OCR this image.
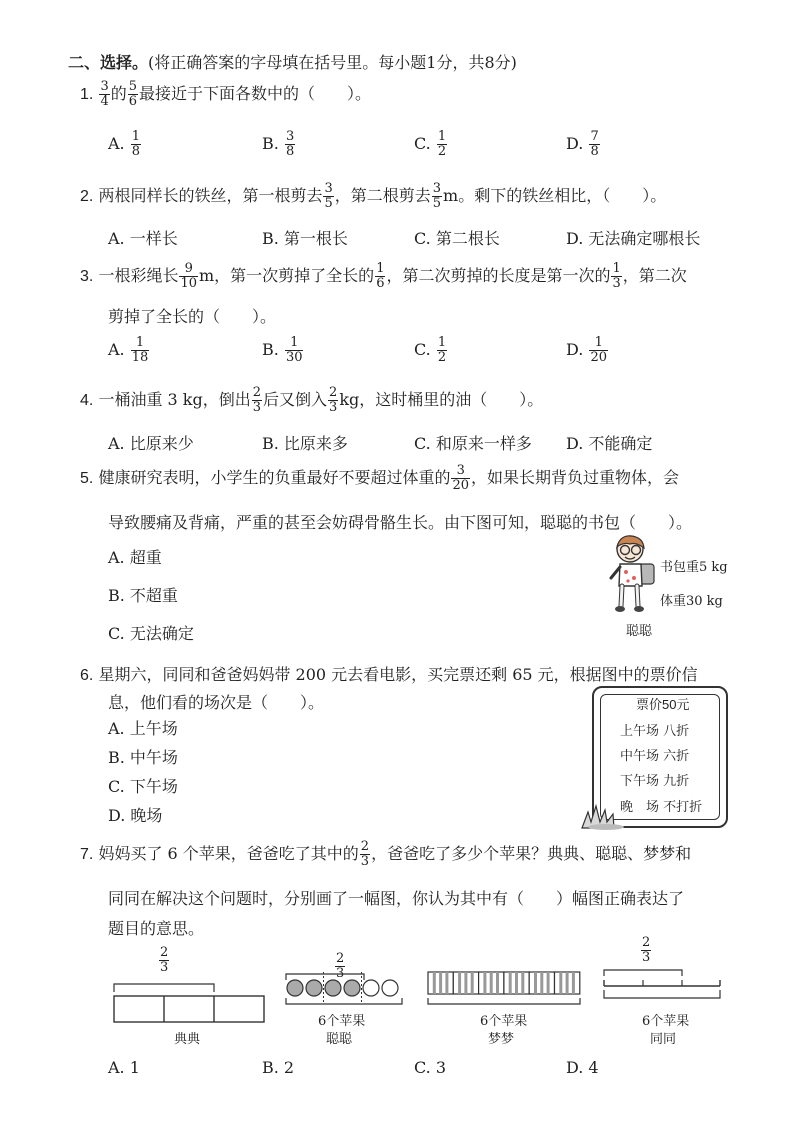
二、选择。(将正确答案的字母填在括号里。每小题1分，共8分)
1. $\frac{3}{4}$ 的 $\frac{5}{6}$ 最接近于下面各数中的（　　）。
A. $\frac{1}{8}$	B. $\frac{3}{8}$	C. $\frac{1}{2}$	D. $\frac{7}{8}$
2. 两根同样长的铁丝，第一根剪去 $\frac{3}{5}$ ，第二根剪去 $\frac{3}{5}$ m。剩下的铁丝相比，（　　）。
A. 一样长	B. 第一根长	C. 第二根长	D. 无法确定哪根长
3. 一根彩绳长 $\frac{9}{10}$ m，第一次剪掉了全长的 $\frac{1}{6}$ ，第二次剪掉的长度是第一次的 $\frac{1}{3}$ ，第二次
剪掉了全长的（　　）。
A. $\frac{1}{18}$	B. $\frac{1}{30}$	C. $\frac{1}{2}$	D. $\frac{1}{20}$
4. 一桶油重 3 kg，倒出 $\frac{2}{3}$ 后又倒入 $\frac{2}{3}$ kg，这时桶里的油（　　）。
A. 比原来少	B. 比原来多	C. 和原来一样多 D. 不能确定
5. 健康研究表明，小学生的负重最好不要超过体重的 $\frac{3}{20}$ ，如果长期背负过重物体，会
导致腰痛及背痛，严重的甚至会妨碍骨骼生长。由下图可知，聪聪的书包（　　）。
A. 超重
B. 不超重
C. 无法确定
书包重5 kg
体重30 kg
聪聪
6. 星期六，同同和爸爸妈妈带 200 元去看电影，买完票还剩 65 元，根据图中的票价信
息，他们看的场次是（　　）。
A. 上午场
B. 中午场
C. 下午场
D. 晚场
票价50元
上午场 八折
中午场 六折
下午场 九折
晚　场 不打折
7. 妈妈买了 6 个苹果，爸爸吃了其中的 $\frac{2}{3}$ ，爸爸吃了多少个苹果？典典、聪聪、梦梦和
同同在解决这个问题时，分别画了一幅图，你认为其中有（　　）幅图正确表达了
题目的意思。
$\frac{2}{3}$
典典
$\frac{2}{3}$
6个苹果
聪聪
6个苹果
梦梦
$\frac{2}{3}$
6个苹果
同同
A. 1	B. 2	C. 3	D. 4
